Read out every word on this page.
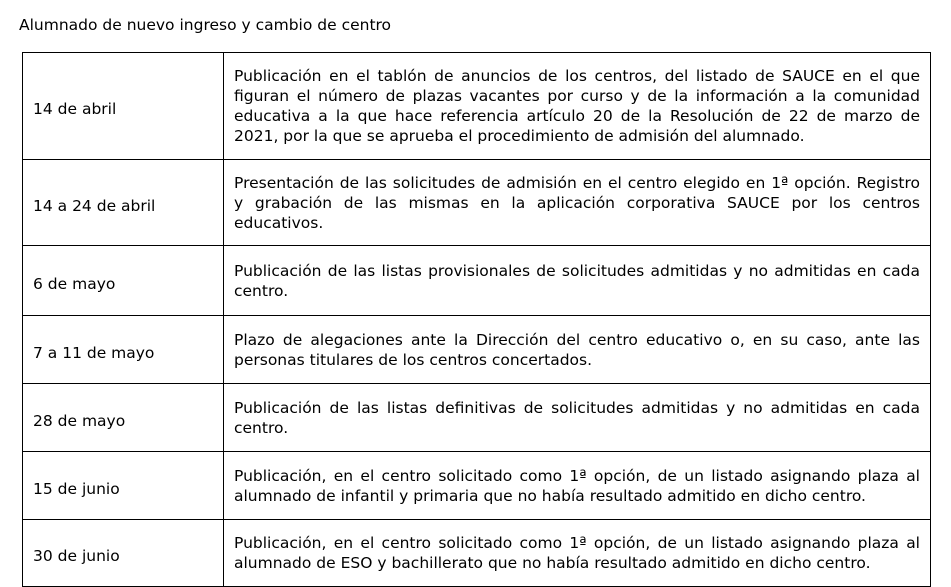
Alumnado de nuevo ingreso y cambio de centro
14 de abril	Publicación en el tablón de anuncios de los centros, del listado de SAUCE en el que figuran el número de plazas vacantes por curso y de la información a la comunidad educativa a la que hace referencia artículo 20 de la Resolución de 22 de marzo de 2021, por la que se aprueba el procedimiento de admisión del alumnado.
14 a 24 de abril	Presentación de las solicitudes de admisión en el centro elegido en 1ª opción. Registro y grabación de las mismas en la aplicación corporativa SAUCE por los centros educativos.
6 de mayo	Publicación de las listas provisionales de solicitudes admitidas y no admitidas en cada centro.
7 a 11 de mayo	Plazo de alegaciones ante la Dirección del centro educativo o, en su caso, ante las personas titulares de los centros concertados.
28 de mayo	Publicación de las listas definitivas de solicitudes admitidas y no admitidas en cada centro.
15 de junio	Publicación, en el centro solicitado como 1ª opción, de un listado asignando plaza al alumnado de infantil y primaria que no había resultado admitido en dicho centro.
30 de junio	Publicación, en el centro solicitado como 1ª opción, de un listado asignando plaza al alumnado de ESO y bachillerato que no había resultado admitido en dicho centro.
